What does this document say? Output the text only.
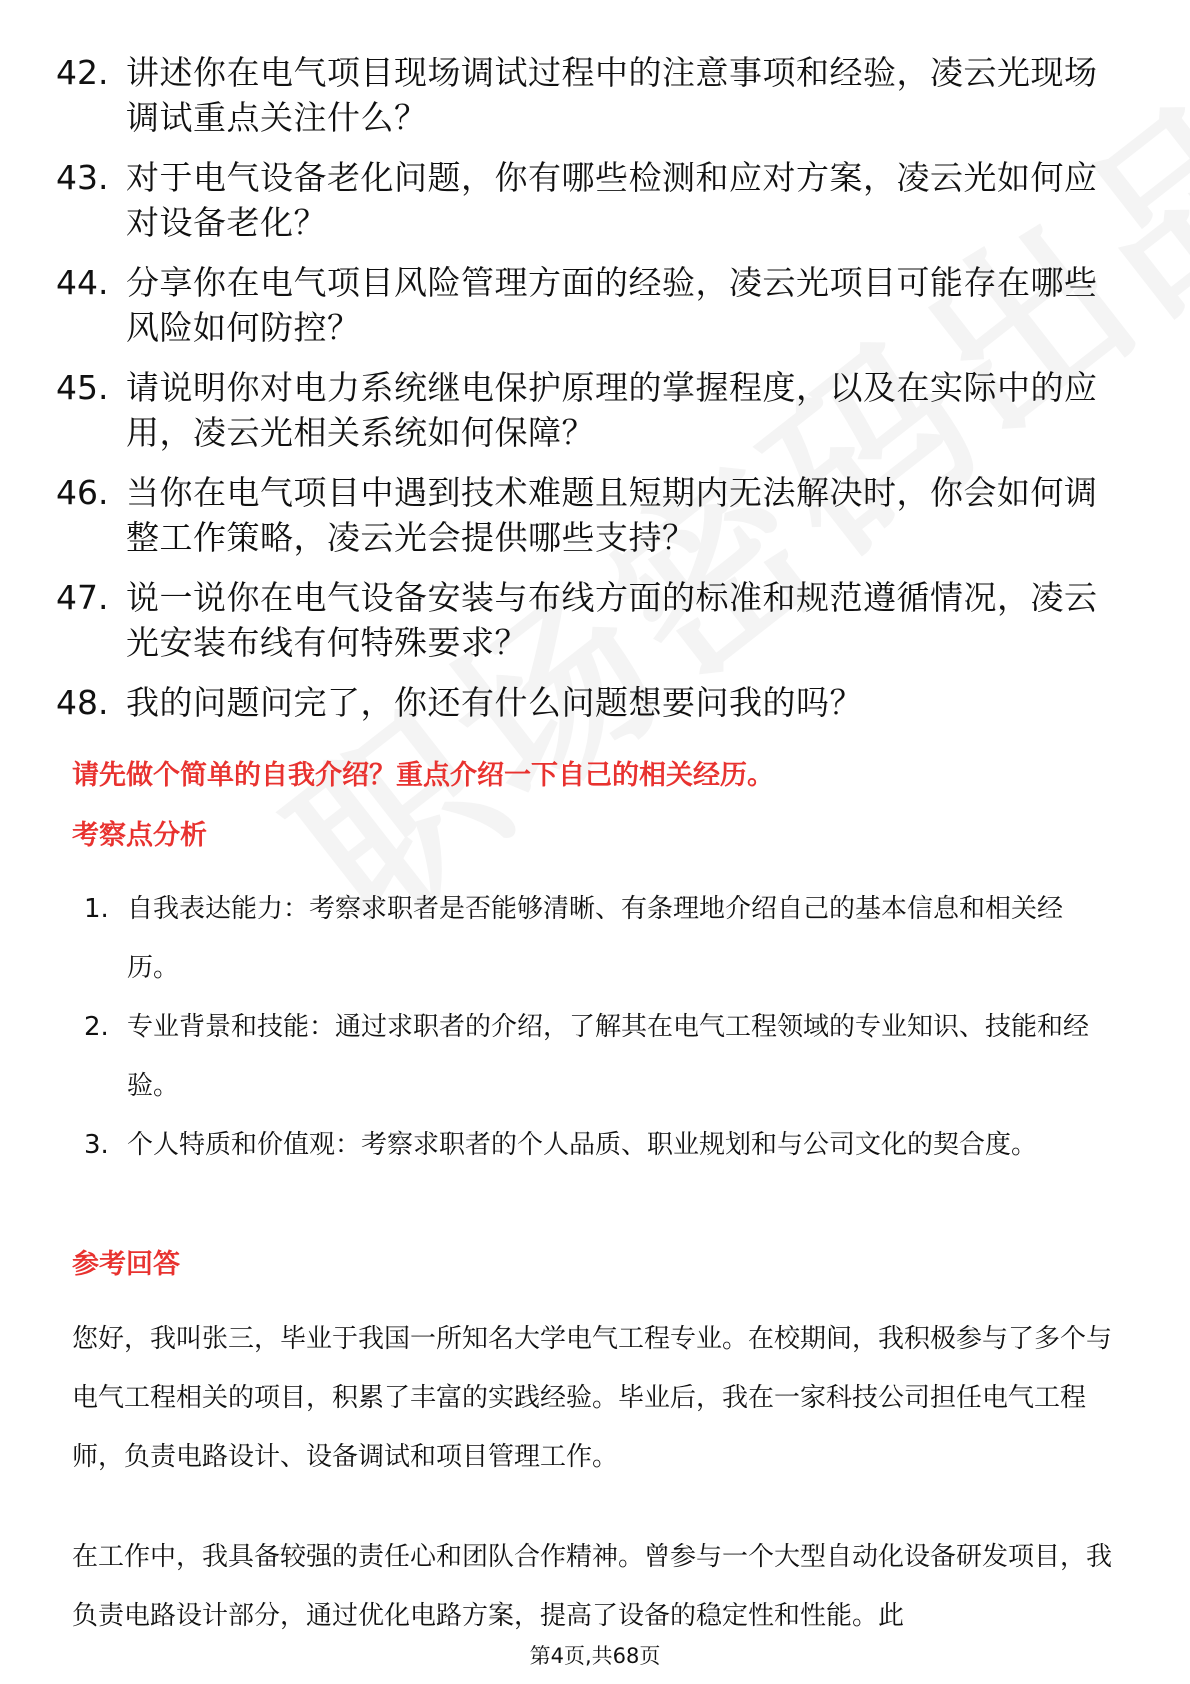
42. 讲述你在电气项目现场调试过程中的注意事项和经验，凌云光现场调试重点关注什么？
43. 对于电气设备老化问题，你有哪些检测和应对方案，凌云光如何应对设备老化？
44. 分享你在电气项目风险管理方面的经验，凌云光项目可能存在哪些风险如何防控？
45. 请说明你对电力系统继电保护原理的掌握程度，以及在实际中的应用，凌云光相关系统如何保障？
46. 当你在电气项目中遇到技术难题且短期内无法解决时，你会如何调整工作策略，凌云光会提供哪些支持？
47. 说一说你在电气设备安装与布线方面的标准和规范遵循情况，凌云光安装布线有何特殊要求？
48. 我的问题问完了，你还有什么问题想要问我的吗？
请先做个简单的自我介绍？重点介绍一下自己的相关经历。
考察点分析
1. 自我表达能力：考察求职者是否能够清晰、有条理地介绍自己的基本信息和相关经历。
2. 专业背景和技能：通过求职者的介绍，了解其在电气工程领域的专业知识、技能和经验。
3. 个人特质和价值观：考察求职者的个人品质、职业规划和与公司文化的契合度。
参考回答

您好，我叫张三，毕业于我国一所知名大学电气工程专业。在校期间，我积极参与了多个与电气工程相关的项目，积累了丰富的实践经验。毕业后，我在一家科技公司担任电气工程师，负责电路设计、设备调试和项目管理工作。

在工作中，我具备较强的责任心和团队合作精神。曾参与一个大型自动化设备研发项目，我负责电路设计部分，通过优化电路方案，提高了设备的稳定性和性能。此

第4页,共68页
